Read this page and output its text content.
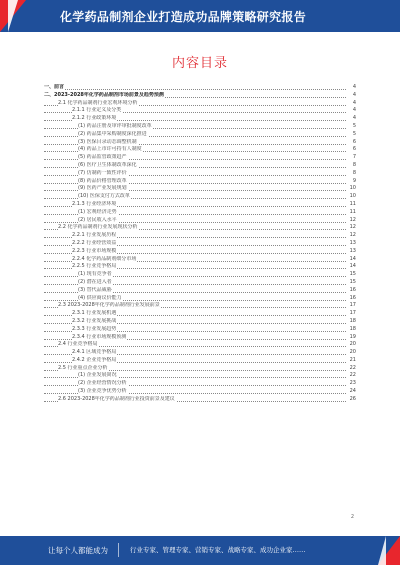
化学药品制剂企业打造成功品牌策略研究报告
内容目录
一、前言	4
二、2023-2028年化学药品制剂市场前景及趋势预测	4
2.1 化学药品制剂行业宏观环境分析	4
2.1.1 行业定义及分类	4
2.1.2 行业政策环境	4
(1) 药品注册及审评审批制度改革	5
(2) 药品集中采购制度深化推进	5
(3) 医保目录动态调整机制	6
(4) 药品上市许可持有人制度	6
(5) 药品监管政策趋严	7
(6) 医疗卫生体制改革深化	8
(7) 仿制药一致性评价	8
(8) 药品价格管理改革	9
(9) 医药产业发展规划	10
(10) 医保支付方式改革	10
2.1.3 行业经济环境	11
(1) 宏观经济走势	11
(2) 居民收入水平	12
2.2 化学药品制剂行业发展现状分析	12
2.2.1 行业发展历程	12
2.2.2 行业经营效益	13
2.2.3 行业市场规模	13
2.2.4 化学药品制剂细分市场	14
2.2.5 行业竞争格局	14
(1) 现有竞争者	15
(2) 潜在进入者	15
(3) 替代品威胁	16
(4) 供应商议价能力	16
2.3 2023-2028年化学药品制剂行业发展前景	17
2.3.1 行业发展机遇	17
2.3.2 行业发展挑战	18
2.3.3 行业发展趋势	18
2.3.4 行业市场规模预测	19
2.4 行业竞争格局	20
2.4.1 区域竞争格局	20
2.4.2 企业竞争格局	21
2.5 行业重点企业分析	22
(1) 企业发展简况	22
(2) 企业经营情况分析	23
(3) 企业竞争优势分析	24
2.6 2023-2028年化学药品制剂行业投资前景及建议	26
2
让每个人都能成为	行业专家、管理专家、营销专家、战略专家、成功企业家……
